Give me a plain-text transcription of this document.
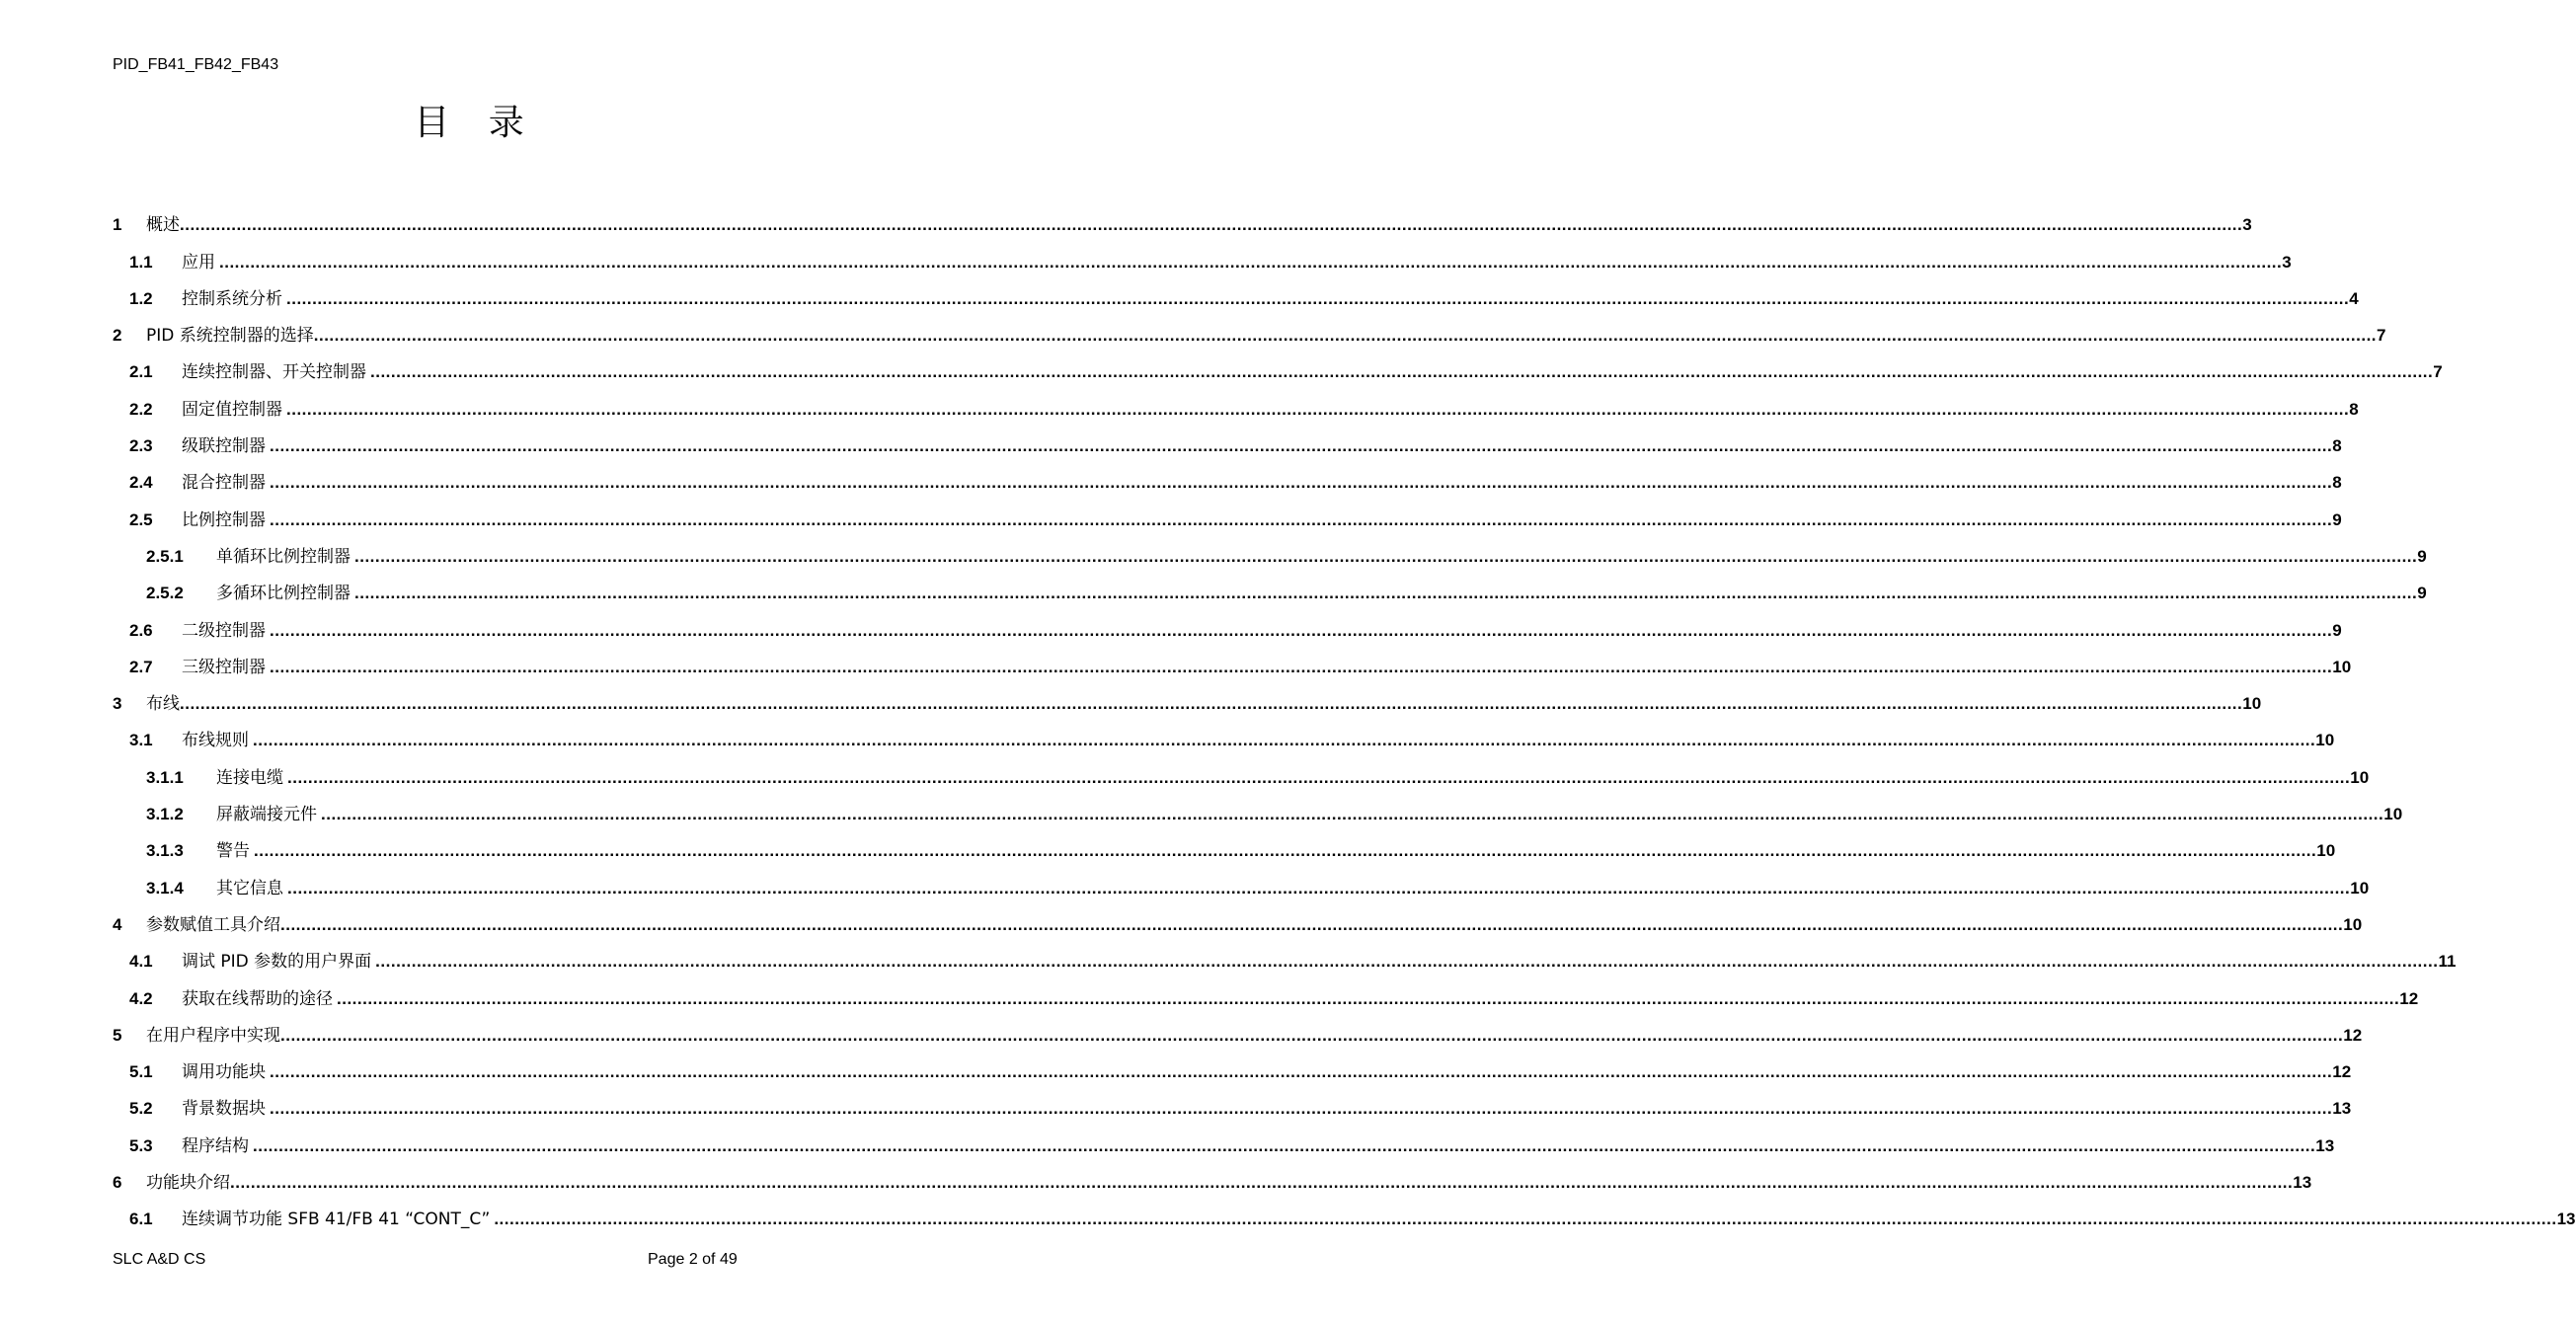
PID_FB41_FB42_FB43
目 录
1	概述 ................................................................................................................................................................................................................................................................................................................................................................................................................ 3
1.1	应用 ................................................................................................................................................................................................................................................................................................................................................................................................................ 3
1.2	控制系统分析 ................................................................................................................................................................................................................................................................................................................................................................................................................ 4
2	PID 系统控制器的选择 ................................................................................................................................................................................................................................................................................................................................................................................................................ 7
2.1	连续控制器、开关控制器 ................................................................................................................................................................................................................................................................................................................................................................................................................ 7
2.2	固定值控制器 ................................................................................................................................................................................................................................................................................................................................................................................................................ 8
2.3	级联控制器 ................................................................................................................................................................................................................................................................................................................................................................................................................ 8
2.4	混合控制器 ................................................................................................................................................................................................................................................................................................................................................................................................................ 8
2.5	比例控制器 ................................................................................................................................................................................................................................................................................................................................................................................................................ 9
2.5.1	单循环比例控制器 ................................................................................................................................................................................................................................................................................................................................................................................................................ 9
2.5.2	多循环比例控制器 ................................................................................................................................................................................................................................................................................................................................................................................................................ 9
2.6	二级控制器 ................................................................................................................................................................................................................................................................................................................................................................................................................ 9
2.7	三级控制器 ................................................................................................................................................................................................................................................................................................................................................................................................................ 10
3	布线 ................................................................................................................................................................................................................................................................................................................................................................................................................ 10
3.1	布线规则 ................................................................................................................................................................................................................................................................................................................................................................................................................ 10
3.1.1	连接电缆 ................................................................................................................................................................................................................................................................................................................................................................................................................ 10
3.1.2	屏蔽端接元件 ................................................................................................................................................................................................................................................................................................................................................................................................................ 10
3.1.3	警告 ................................................................................................................................................................................................................................................................................................................................................................................................................ 10
3.1.4	其它信息 ................................................................................................................................................................................................................................................................................................................................................................................................................ 10
4	参数赋值工具介绍 ................................................................................................................................................................................................................................................................................................................................................................................................................ 10
4.1	调试 PID 参数的用户界面 ................................................................................................................................................................................................................................................................................................................................................................................................................ 11
4.2	获取在线帮助的途径 ................................................................................................................................................................................................................................................................................................................................................................................................................ 12
5	在用户程序中实现 ................................................................................................................................................................................................................................................................................................................................................................................................................ 12
5.1	调用功能块 ................................................................................................................................................................................................................................................................................................................................................................................................................ 12
5.2	背景数据块 ................................................................................................................................................................................................................................................................................................................................................................................................................ 13
5.3	程序结构 ................................................................................................................................................................................................................................................................................................................................................................................................................ 13
6	功能块介绍 ................................................................................................................................................................................................................................................................................................................................................................................................................ 13
6.1	连续调节功能 SFB 41/FB 41 “CONT_C” ................................................................................................................................................................................................................................................................................................................................................................................................................ 13
SLC A&D CS	Page 2 of 49
